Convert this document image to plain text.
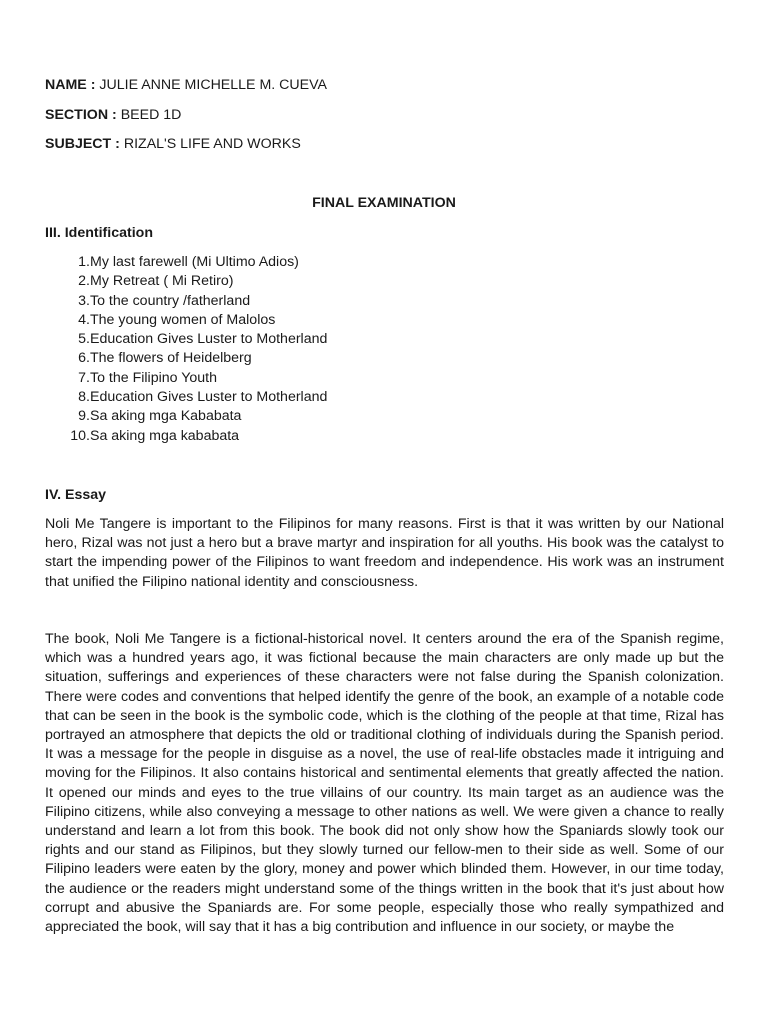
NAME : JULIE ANNE MICHELLE M. CUEVA
SECTION : BEED 1D
SUBJECT : RIZAL'S LIFE AND WORKS
FINAL EXAMINATION
III. Identification
1.My last farewell (Mi Ultimo Adios)
2.My Retreat ( Mi Retiro)
3.To the country /fatherland
4.The young women of Malolos
5.Education Gives Luster to Motherland
6.The flowers of Heidelberg
7.To the Filipino Youth
8.Education Gives Luster to Motherland
9.Sa aking mga Kababata
10.Sa aking mga kababata
IV. Essay

Noli Me Tangere is important to the Filipinos for many reasons. First is that it was written by our National hero, Rizal was not just a hero but a brave martyr and inspiration for all youths. His book was the catalyst to start the impending power of the Filipinos to want freedom and independence. His work was an instrument that unified the Filipino national identity and consciousness.

The book, Noli Me Tangere is a fictional-historical novel. It centers around the era of the Spanish regime, which was a hundred years ago, it was fictional because the main characters are only made up but the situation, sufferings and experiences of these characters were not false during the Spanish colonization. There were codes and conventions that helped identify the genre of the book, an example of a notable code that can be seen in the book is the symbolic code, which is the clothing of the people at that time, Rizal has portrayed an atmosphere that depicts the old or traditional clothing of individuals during the Spanish period. It was a message for the people in disguise as a novel, the use of real-life obstacles made it intriguing and moving for the Filipinos. It also contains historical and sentimental elements that greatly affected the nation. It opened our minds and eyes to the true villains of our country. Its main target as an audience was the Filipino citizens, while also conveying a message to other nations as well. We were given a chance to really understand and learn a lot from this book. The book did not only show how the Spaniards slowly took our rights and our stand as Filipinos, but they slowly turned our fellow-men to their side as well. Some of our Filipino leaders were eaten by the glory, money and power which blinded them. However, in our time today, the audience or the readers might understand some of the things written in the book that it's just about how corrupt and abusive the Spaniards are. For some people, especially those who really sympathized and appreciated the book, will say that it has a big contribution and influence in our society, or maybe the
